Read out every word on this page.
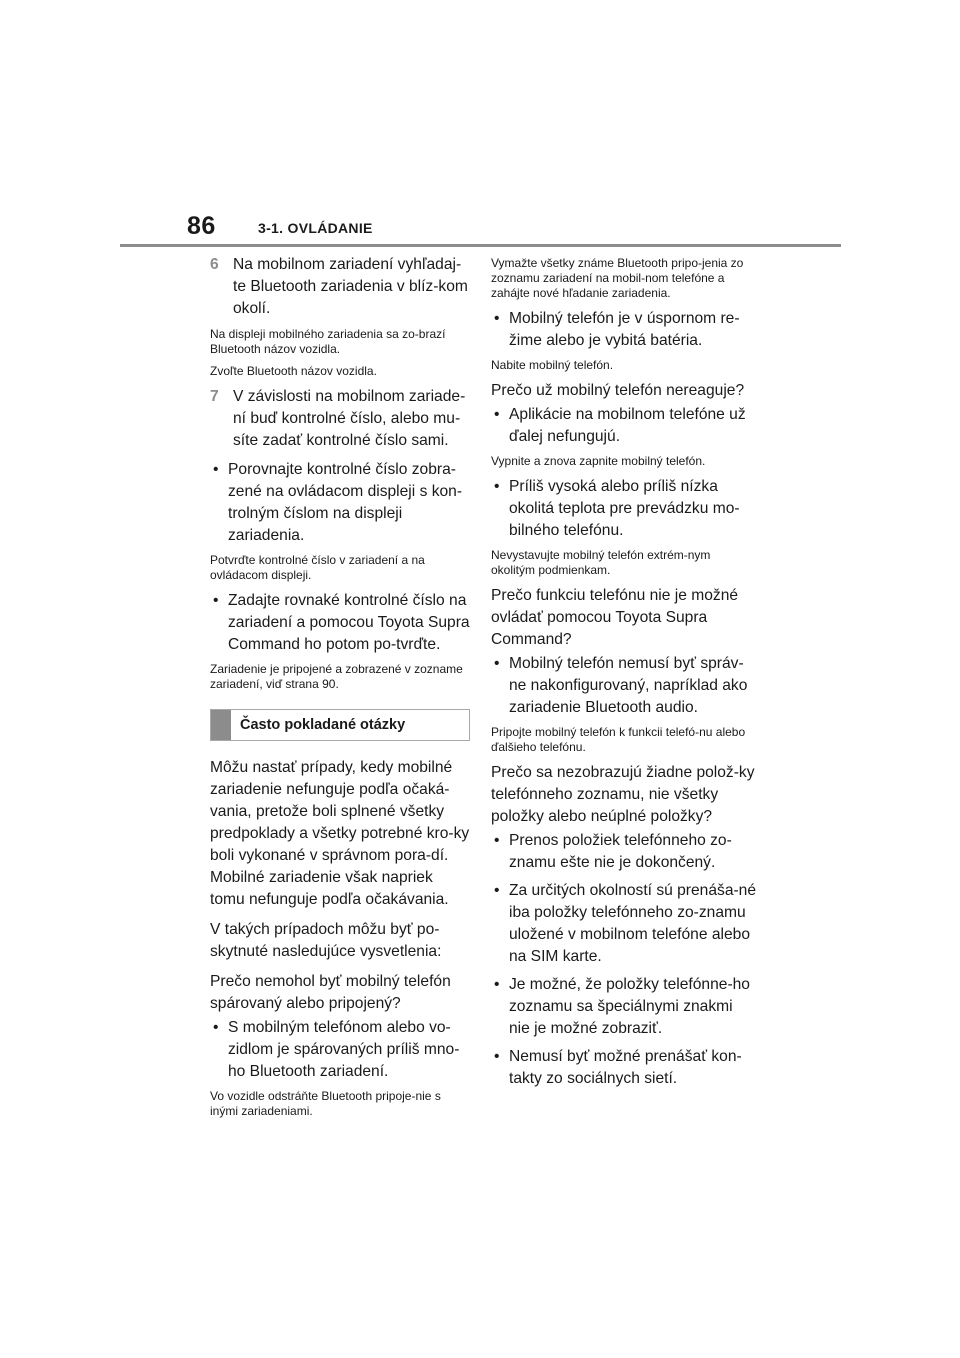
86	3-1. OVLÁDANIE
6 Na mobilnom zariadení vyhľadaj-te Bluetooth zariadenia v blíz-kom okolí.
Na displeji mobilného zariadenia sa zo-brazí Bluetooth názov vozidla.
Zvoľte Bluetooth názov vozidla.
7 V závislosti na mobilnom zariade-ní buď kontrolné číslo, alebo mu-síte zadať kontrolné číslo sami.
• Porovnajte kontrolné číslo zobra-zené na ovládacom displeji s kon-trolným číslom na displeji zariadenia.
Potvrďte kontrolné číslo v zariadení a na ovládacom displeji.
• Zadajte rovnaké kontrolné číslo na zariadení a pomocou Toyota Supra Command ho potom po-tvrďte.
Zariadenie je pripojené a zobrazené v zozname zariadení, viď strana 90.
Často pokladané otázky
Môžu nastať prípady, kedy mobilné zariadenie nefunguje podľa očaká-vania, pretože boli splnené všetky predpoklady a všetky potrebné kro-ky boli vykonané v správnom pora-dí. Mobilné zariadenie však napriek tomu nefunguje podľa očakávania.
V takých prípadoch môžu byť po-skytnuté nasledujúce vysvetlenia:
Prečo nemohol byť mobilný telefón spárovaný alebo pripojený?
• S mobilným telefónom alebo vo-zidlom je spárovaných príliš mno-ho Bluetooth zariadení.
Vo vozidle odstráňte Bluetooth pripoje-nie s inými zariadeniami.
Vymažte všetky známe Bluetooth pripo-jenia zo zoznamu zariadení na mobil-nom telefóne a zahájte nové hľadanie zariadenia.
• Mobilný telefón je v úspornom re-žime alebo je vybitá batéria.
Nabite mobilný telefón.
Prečo už mobilný telefón nereaguje?
• Aplikácie na mobilnom telefóne už ďalej nefungujú.
Vypnite a znova zapnite mobilný telefón.
• Príliš vysoká alebo príliš nízka okolitá teplota pre prevádzku mo-bilného telefónu.
Nevystavujte mobilný telefón extrém-nym okolitým podmienkam.
Prečo funkciu telefónu nie je možné ovládať pomocou Toyota Supra Command?
• Mobilný telefón nemusí byť správ-ne nakonfigurovaný, napríklad ako zariadenie Bluetooth audio.
Pripojte mobilný telefón k funkcii telefó-nu alebo ďalšieho telefónu.
Prečo sa nezobrazujú žiadne polož-ky telefónneho zoznamu, nie všetky položky alebo neúplné položky?
• Prenos položiek telefónneho zo-znamu ešte nie je dokončený.
• Za určitých okolností sú prenáša-né iba položky telefónneho zo-znamu uložené v mobilnom telefóne alebo na SIM karte.
• Je možné, že položky telefónne-ho zoznamu sa špeciálnymi znakmi nie je možné zobraziť.
• Nemusí byť možné prenášať kon-takty zo sociálnych sietí.
